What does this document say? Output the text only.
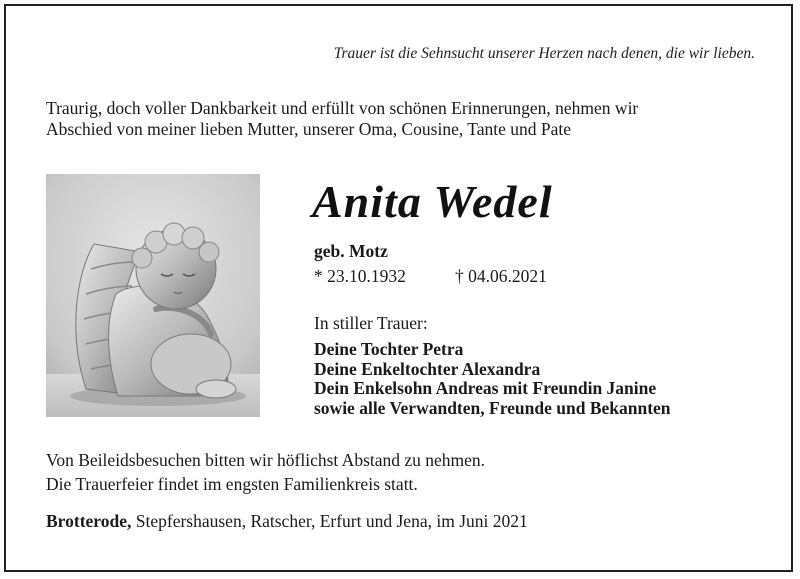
Trauer ist die Sehnsucht unserer Herzen nach denen, die wir lieben.
Traurig, doch voller Dankbarkeit und erfüllt von schönen Erinnerungen, nehmen wir
Abschied von meiner lieben Mutter, unserer Oma, Cousine, Tante und Pate
Anita Wedel
geb. Motz
* 23.10.1932	† 04.06.2021
In stiller Trauer:
Deine Tochter Petra
Deine Enkeltochter Alexandra
Dein Enkelsohn Andreas mit Freundin Janine
sowie alle Verwandten, Freunde und Bekannten
Von Beileidsbesuchen bitten wir höflichst Abstand zu nehmen.
Die Trauerfeier findet im engsten Familienkreis statt.
Brotterode, Stepfershausen, Ratscher, Erfurt und Jena, im Juni 2021
